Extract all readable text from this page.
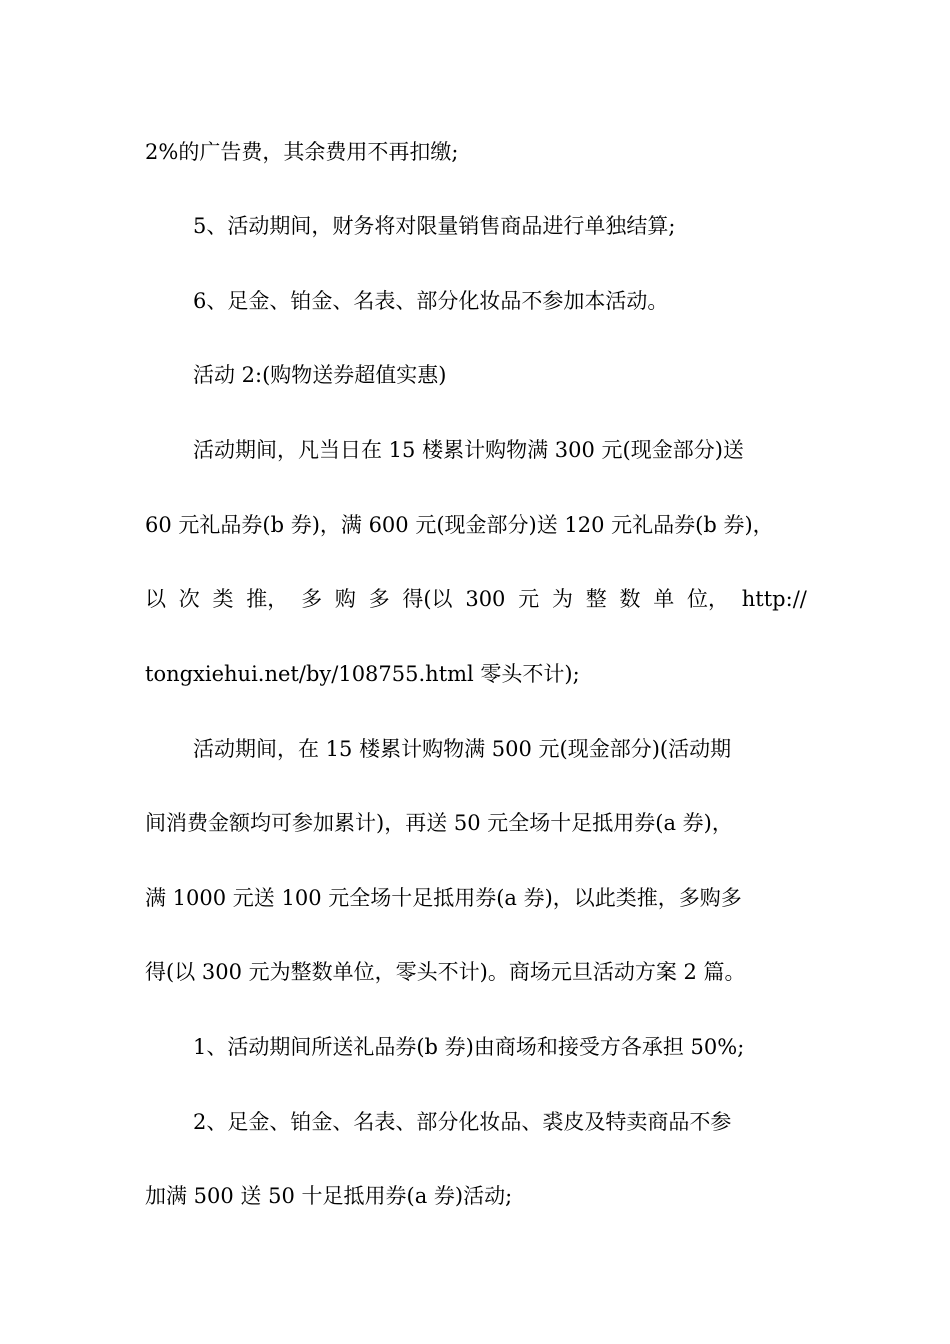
2%的广告费，其余费用不再扣缴;
5、活动期间，财务将对限量销售商品进行单独结算;
6、足金、铂金、名表、部分化妆品不参加本活动。
活动 2:(购物送券超值实惠)
活动期间，凡当日在 15 楼累计购物满 300 元(现金部分)送
60 元礼品券(b 券)，满 600 元(现金部分)送 120 元礼品券(b 券)，
以 次 类 推， 多 购 多 得(以 300 元 为 整 数 单 位， http://
tongxiehui.net/by/108755.html 零头不计);
活动期间，在 15 楼累计购物满 500 元(现金部分)(活动期
间消费金额均可参加累计)，再送 50 元全场十足抵用券(a 券)，
满 1000 元送 100 元全场十足抵用券(a 券)，以此类推，多购多
得(以 300 元为整数单位，零头不计)。商场元旦活动方案 2 篇。
1、活动期间所送礼品券(b 券)由商场和接受方各承担 50%;
2、足金、铂金、名表、部分化妆品、裘皮及特卖商品不参
加满 500 送 50 十足抵用券(a 券)活动;
